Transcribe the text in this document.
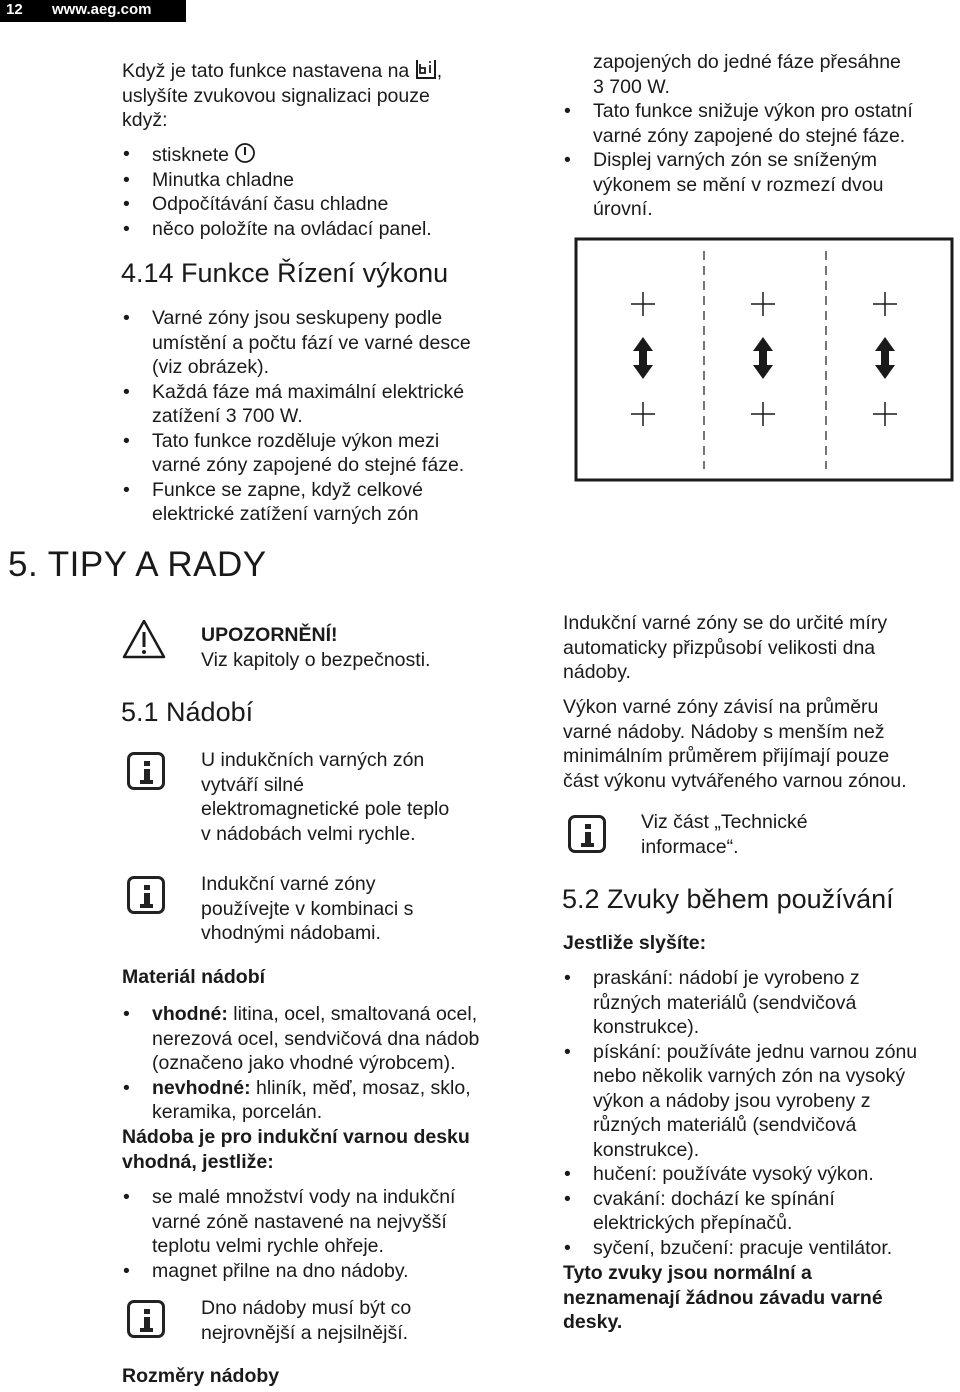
12 www.aeg.com
Když je tato funkce nastavena na ,
uslyšíte zvukovou signalizaci pouze
když:
• stisknete
• Minutka chladne
• Odpočítávání času chladne
• něco položíte na ovládací panel.
4.14 Funkce Řízení výkonu
• Varné zóny jsou seskupeny podle
umístění a počtu fází ve varné desce
(viz obrázek).
• Každá fáze má maximální elektrické
zatížení 3 700 W.
• Tato funkce rozděluje výkon mezi
varné zóny zapojené do stejné fáze.
• Funkce se zapne, když celkové
elektrické zatížení varných zón
5. TIPY A RADY
UPOZORNĚNÍ!
Viz kapitoly o bezpečnosti.
5.1 Nádobí
U indukčních varných zón
vytváří silné
elektromagnetické pole teplo
v nádobách velmi rychle.
Indukční varné zóny
používejte v kombinaci s
vhodnými nádobami.
Materiál nádobí
• vhodné: litina, ocel, smaltovaná ocel,
nerezová ocel, sendvičová dna nádob
(označeno jako vhodné výrobcem).
• nevhodné: hliník, měď, mosaz, sklo,
keramika, porcelán.
Nádoba je pro indukční varnou desku
vhodná, jestliže:
• se malé množství vody na indukční
varné zóně nastavené na nejvyšší
teplotu velmi rychle ohřeje.
• magnet přilne na dno nádoby.
Dno nádoby musí být co
nejrovnější a nejsilnější.
Rozměry nádoby
zapojených do jedné fáze přesáhne
3 700 W.
• Tato funkce snižuje výkon pro ostatní
varné zóny zapojené do stejné fáze.
• Displej varných zón se sníženým
výkonem se mění v rozmezí dvou
úrovní.
Indukční varné zóny se do určité míry
automaticky přizpůsobí velikosti dna
nádoby.
Výkon varné zóny závisí na průměru
varné nádoby. Nádoby s menším než
minimálním průměrem přijímají pouze
část výkonu vytvářeného varnou zónou.
Viz část „Technické
informace“.
5.2 Zvuky během používání
Jestliže slyšíte:
• praskání: nádobí je vyrobeno z
různých materiálů (sendvičová
konstrukce).
• pískání: používáte jednu varnou zónu
nebo několik varných zón na vysoký
výkon a nádoby jsou vyrobeny z
různých materiálů (sendvičová
konstrukce).
• hučení: používáte vysoký výkon.
• cvakání: dochází ke spínání
elektrických přepínačů.
• syčení, bzučení: pracuje ventilátor.
Tyto zvuky jsou normální a
neznamenají žádnou závadu varné
desky.
